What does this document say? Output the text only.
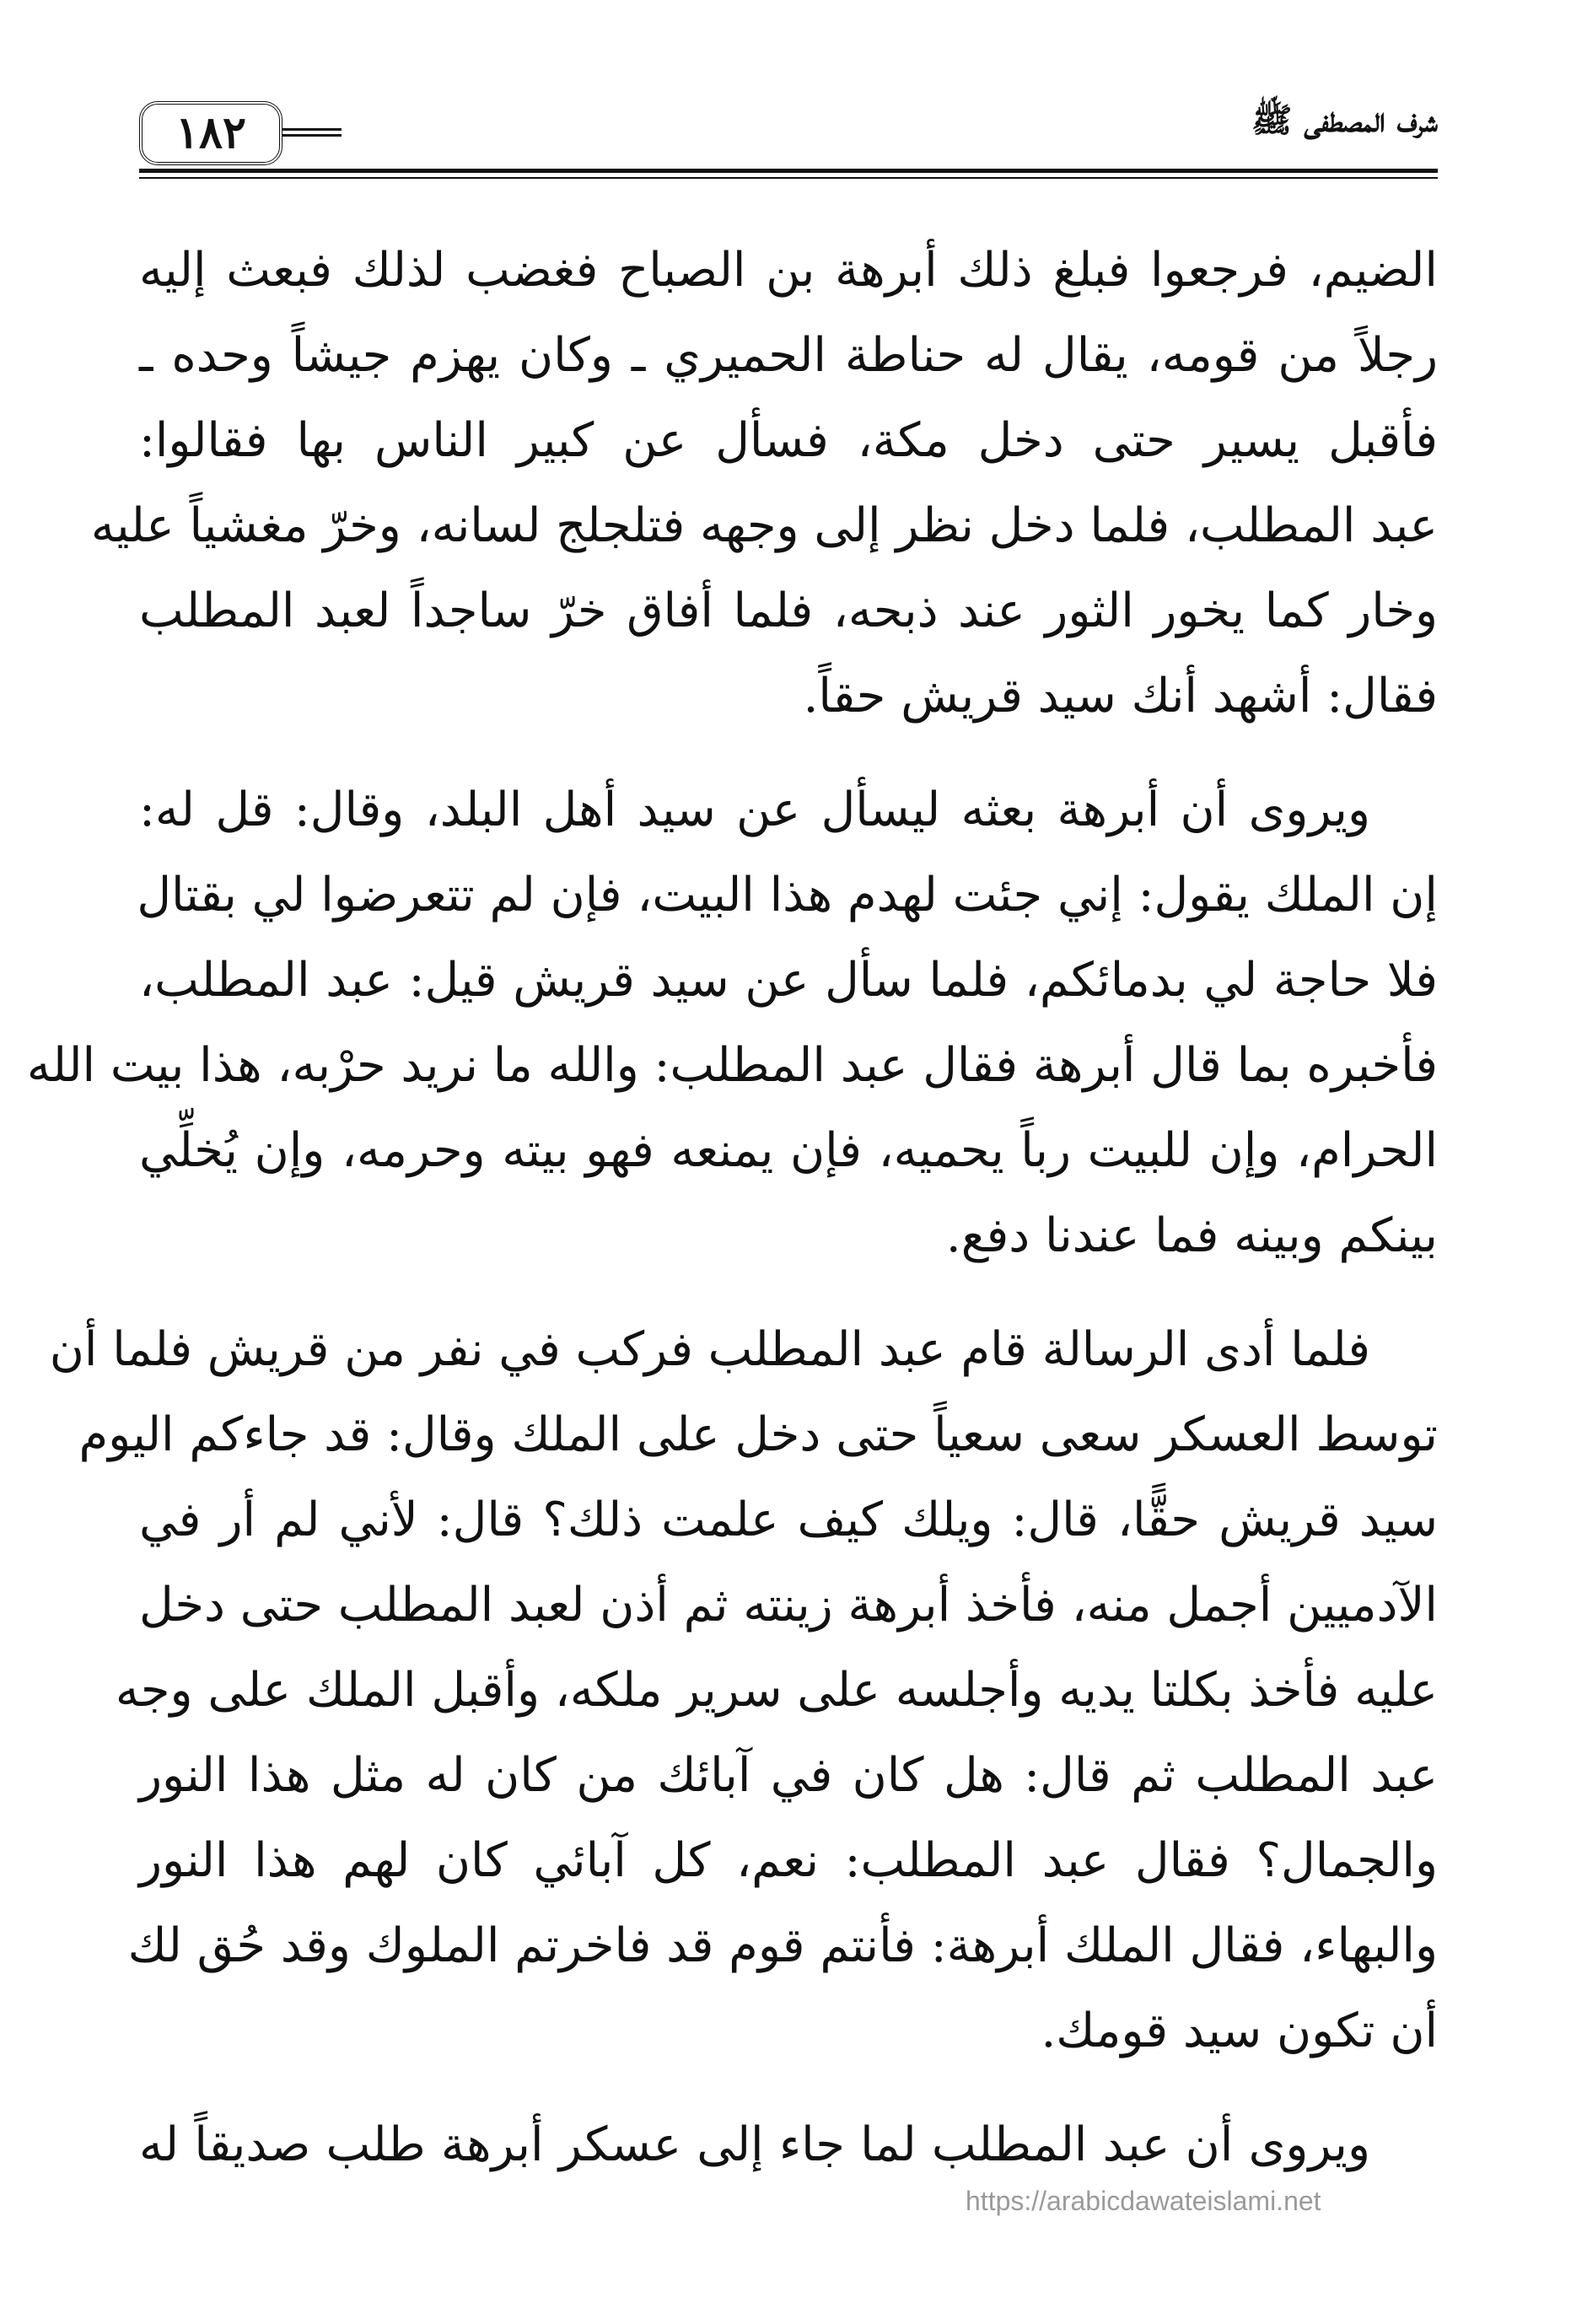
١٨٢	شرف المصطفى ﷺ
الضيم، فرجعوا فبلغ ذلك أبرهة بن الصباح فغضب لذلك فبعث إليه
رجلاً من قومه، يقال له حناطة الحميري ـ وكان يهزم جيشاً وحده ـ
فأقبل يسير حتى دخل مكة، فسأل عن كبير الناس بها فقالوا:
عبد المطلب، فلما دخل نظر إلى وجهه فتلجلج لسانه، وخرّ مغشياً عليه
وخار كما يخور الثور عند ذبحه، فلما أفاق خرّ ساجداً لعبد المطلب
فقال: أشهد أنك سيد قريش حقاً.
ويروى أن أبرهة بعثه ليسأل عن سيد أهل البلد، وقال: قل له:
إن الملك يقول: إني جئت لهدم هذا البيت، فإن لم تتعرضوا لي بقتال
فلا حاجة لي بدمائكم، فلما سأل عن سيد قريش قيل: عبد المطلب،
فأخبره بما قال أبرهة فقال عبد المطلب: والله ما نريد حرْبه، هذا بيت الله
الحرام، وإن للبيت رباً يحميه، فإن يمنعه فهو بيته وحرمه، وإن يُخلِّي
بينكم وبينه فما عندنا دفع.
فلما أدى الرسالة قام عبد المطلب فركب في نفر من قريش فلما أن
توسط العسكر سعى سعياً حتى دخل على الملك وقال: قد جاءكم اليوم
سيد قريش حقًّا، قال: ويلك كيف علمت ذلك؟ قال: لأني لم أر في
الآدميين أجمل منه، فأخذ أبرهة زينته ثم أذن لعبد المطلب حتى دخل
عليه فأخذ بكلتا يديه وأجلسه على سرير ملكه، وأقبل الملك على وجه
عبد المطلب ثم قال: هل كان في آبائك من كان له مثل هذا النور
والجمال؟ فقال عبد المطلب: نعم، كل آبائي كان لهم هذا النور
والبهاء، فقال الملك أبرهة: فأنتم قوم قد فاخرتم الملوك وقد حُق لك
أن تكون سيد قومك.
ويروى أن عبد المطلب لما جاء إلى عسكر أبرهة طلب صديقاً له
https://arabicdawateislami.net
